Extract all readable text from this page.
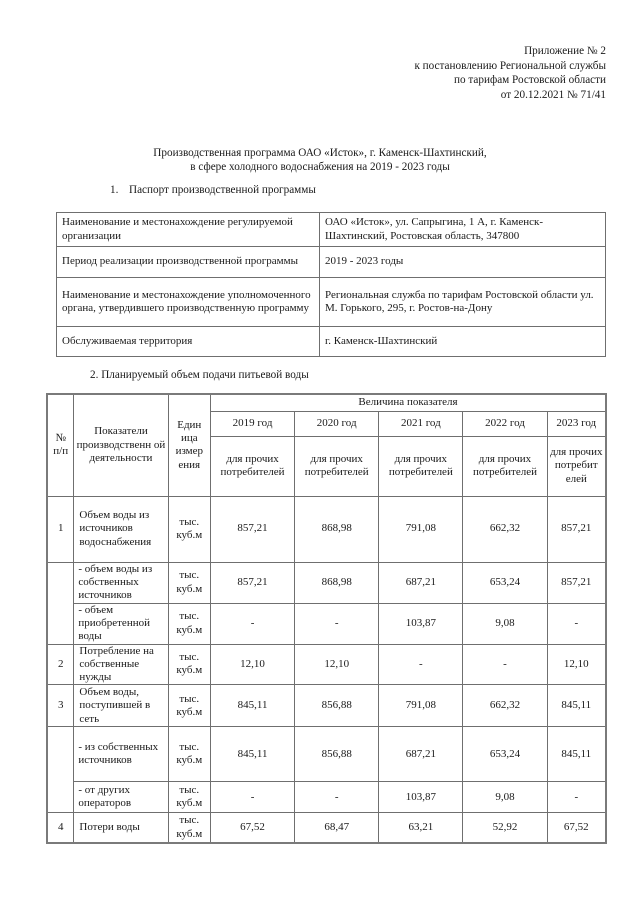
Приложение № 2
к постановлению Региональной службы
по тарифам Ростовской области
от 20.12.2021 № 71/41
Производственная программа ОАО «Исток», г. Каменск-Шахтинский,
в сфере холодного водоснабжения на 2019 - 2023 годы
1. Паспорт производственной программы
Наименование и местонахождение регулируемой организации	ОАО «Исток», ул. Сапрыгина, 1 А, г. Каменск-Шахтинский, Ростовская область, 347800
Период реализации производственной программы	2019 - 2023 годы
Наименование и местонахождение уполномоченного органа, утвердившего производственную программу	Региональная служба по тарифам Ростовской области ул. М. Горького, 295, г. Ростов-на-Дону
Обслуживаемая территория	г. Каменск-Шахтинский
2. Планируемый объем подачи питьевой воды
№ п/п	Показатели производственн ой деятельности	Един ица измер ения	Величина показателя				
			2019 год	2020 год	2021 год	2022 год	2023 год
			для прочих потребителей	для прочих потребителей	для прочих потребителей	для прочих потребителей	для прочих потребит елей
1	Объем воды из источников водоснабжения	тыс. куб.м	857,21	868,98	791,08	662,32	857,21
	- объем воды из собственных источников	тыс. куб.м	857,21	868,98	687,21	653,24	857,21
	- объем приобретенной воды	тыс. куб.м	-	-	103,87	9,08	-
2	Потребление на собственные нужды	тыс. куб.м	12,10	12,10	-	-	12,10
3	Объем воды, поступившей в сеть	тыс. куб.м	845,11	856,88	791,08	662,32	845,11
	- из собственных источников	тыс. куб.м	845,11	856,88	687,21	653,24	845,11
	- от других операторов	тыс. куб.м	-	-	103,87	9,08	-
4	Потери воды	тыс. куб.м	67,52	68,47	63,21	52,92	67,52
